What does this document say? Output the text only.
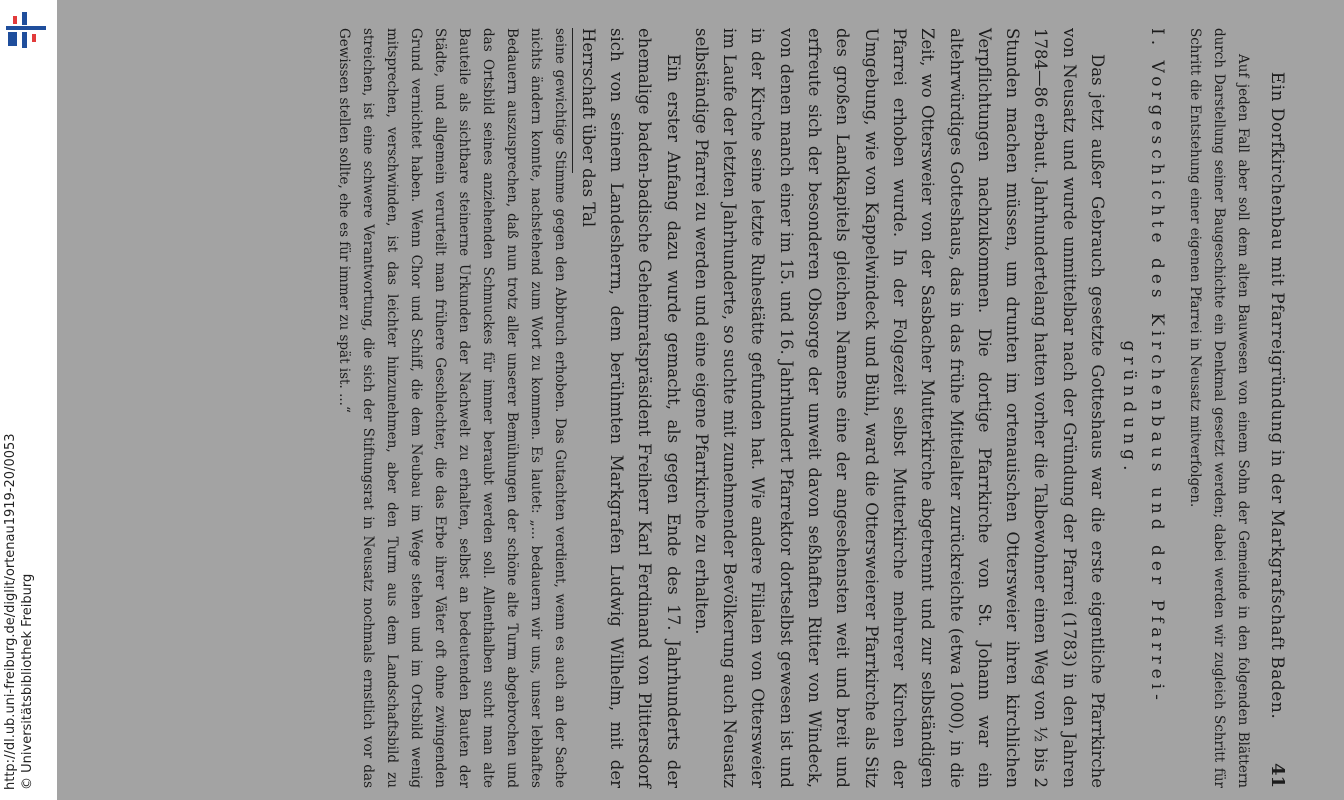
http://dl.ub.uni-freiburg.de/diglit/ortenau1919-20/0053 © Universitätsbibliothek Freiburg	Ein Dorfkirchenbau mit Pfarreigründung in der Markgrafschaft Baden.
41

Auf jeden Fall aber soll dem alten Bauwesen von einem Sohn der Gemeinde in den folgenden Blättern durch Darstellung seiner Baugeschichte ein Denkmal gesetzt werden; dabei werden wir zugleich Schritt für Schritt die Entstehung einer eigenen Pfarrei in Neusatz mitverfolgen.

I. Vorgeschichte des Kirchenbaus und der Pfarrei-
gründung.

Das jetzt außer Gebrauch gesetzte Gotteshaus war die erste eigentliche Pfarrkirche von Neusatz und wurde unmittelbar nach der Gründung der Pfarrei (1783) in den Jahren 1784—86 erbaut. Jahrhundertelang hatten vorher die Talbewohner einen Weg von ½ bis 2 Stunden machen müssen, um drunten im ortenauischen Ottersweier ihren kirchlichen Verpflichtungen nachzukommen. Die dortige Pfarrkirche von St. Johann war ein altehrwürdiges Gotteshaus, das in das frühe Mittelalter zurückreichte (etwa 1000), in die Zeit, wo Ottersweier von der Sasbacher Mutterkirche abgetrennt und zur selbständigen Pfarrei erhoben wurde. In der Folgezeit selbst Mutterkirche mehrerer Kirchen der Umgebung, wie von Kappelwindeck und Bühl, ward die Ottersweierer Pfarrkirche als Sitz des großen Landkapitels gleichen Namens eine der angesehensten weit und breit und erfreute sich der besonderen Obsorge der unweit davon seßhaften Ritter von Windeck, von denen manch einer im 15. und 16. Jahrhundert Pfarrektor dortselbst gewesen ist und in der Kirche seine letzte Ruhestätte gefunden hat. Wie andere Filialen von Ottersweier im Laufe der letzten Jahrhunderte, so suchte mit zunehmender Bevölkerung auch Neusatz selbständige Pfarrei zu werden und eine eigene Pfarrkirche zu erhalten.

Ein erster Anfang dazu wurde gemacht, als gegen Ende des 17. Jahrhunderts der ehemalige baden-badische Geheimratspräsident Freiherr Karl Ferdinand von Plittersdorf sich von seinem Landesherrn, dem berühmten Markgrafen Ludwig Wilhelm, mit der Herrschaft über das Tal

seine gewichtige Stimme gegen den Abbruch erhoben. Das Gutachten verdient, wenn es auch an der Sache nichts ändern konnte, nachstehend zum Wort zu kommen. Es lautet: „... bedauern wir uns, unser lebhaftes Bedauern auszusprechen, daß nun trotz aller unserer Bemühungen der schöne alte Turm abgebrochen und das Ortsbild seines anziehenden Schmuckes für immer beraubt werden soll. Allenthalben sucht man alte Bauteile als sichtbare steinerne Urkunden der Nachwelt zu erhalten, selbst an bedeutenden Bauten der Städte, und allgemein verurteilt man frühere Geschlechter, die das Erbe ihrer Väter oft ohne zwingenden Grund vernichtet haben. Wenn Chor und Schiff, die dem Neubau im Wege stehen und im Ortsbild wenig mitsprechen, verschwinden, ist das leichter hinzunehmen, aber den Turm aus dem Landschaftsbild zu streichen, ist eine schwere Verantwortung, die sich der Stiftungsrat in Neusatz nochmals ernstlich vor das Gewissen stellen sollte, ehe es für immer zu spät ist. ...“
